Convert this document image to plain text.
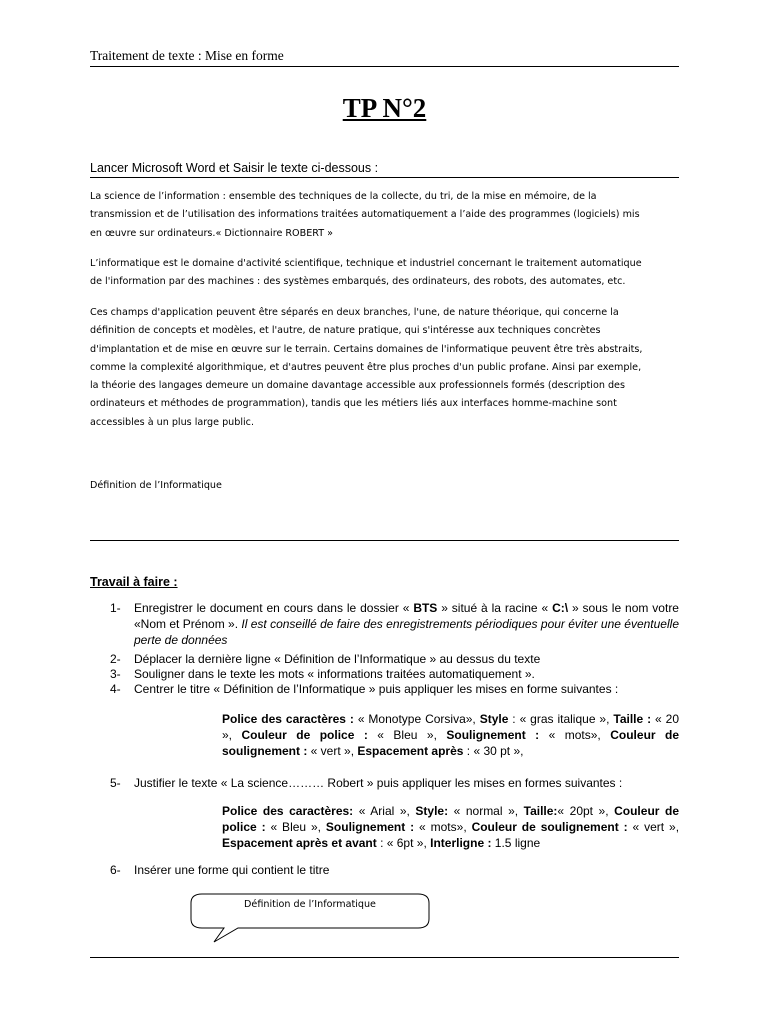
Traitement de texte : Mise en forme
TP N°2
Lancer Microsoft Word et Saisir le texte ci-dessous :

La science de l’information : ensemble des techniques de la collecte, du tri, de la mise en mémoire, de la
transmission et de l’utilisation des informations traitées automatiquement a l’aide des programmes (logiciels) mis
en œuvre sur ordinateurs.« Dictionnaire ROBERT »

L’informatique est le domaine d'activité scientifique, technique et industriel concernant le traitement automatique
de l'information par des machines : des systèmes embarqués, des ordinateurs, des robots, des automates, etc.

Ces champs d'application peuvent être séparés en deux branches, l'une, de nature théorique, qui concerne la
définition de concepts et modèles, et l'autre, de nature pratique, qui s'intéresse aux techniques concrètes
d'implantation et de mise en œuvre sur le terrain. Certains domaines de l'informatique peuvent être très abstraits,
comme la complexité algorithmique, et d'autres peuvent être plus proches d'un public profane. Ainsi par exemple,
la théorie des langages demeure un domaine davantage accessible aux professionnels formés (description des
ordinateurs et méthodes de programmation), tandis que les métiers liés aux interfaces homme-machine sont
accessibles à un plus large public.

Définition de l’Informatique
Travail à faire :
1-	Enregistrer le document en cours dans le dossier « BTS » situé à la racine « C:\ » sous le nom votre «Nom et Prénom ». Il est conseillé de faire des enregistrements périodiques pour éviter une éventuelle perte de données
2-	Déplacer la dernière ligne « Définition de l’Informatique » au dessus du texte
3-	Souligner dans le texte les mots « informations traitées automatiquement ».
4-	Centrer le titre « Définition de l’Informatique » puis appliquer les mises en forme suivantes :
Police des caractères : « Monotype Corsiva», Style : « gras italique », Taille : « 20 », Couleur de police : « Bleu », Soulignement : « mots», Couleur de soulignement : « vert », Espacement après : « 30 pt »,
5-	Justifier le texte « La science……… Robert » puis appliquer les mises en formes suivantes :
Police des caractères: « Arial », Style: « normal », Taille:« 20pt », Couleur de police : « Bleu », Soulignement : « mots», Couleur de soulignement : « vert », Espacement après et avant : « 6pt », Interligne : 1.5 ligne
6-	Insérer une forme qui contient le titre
Définition de l’Informatique
